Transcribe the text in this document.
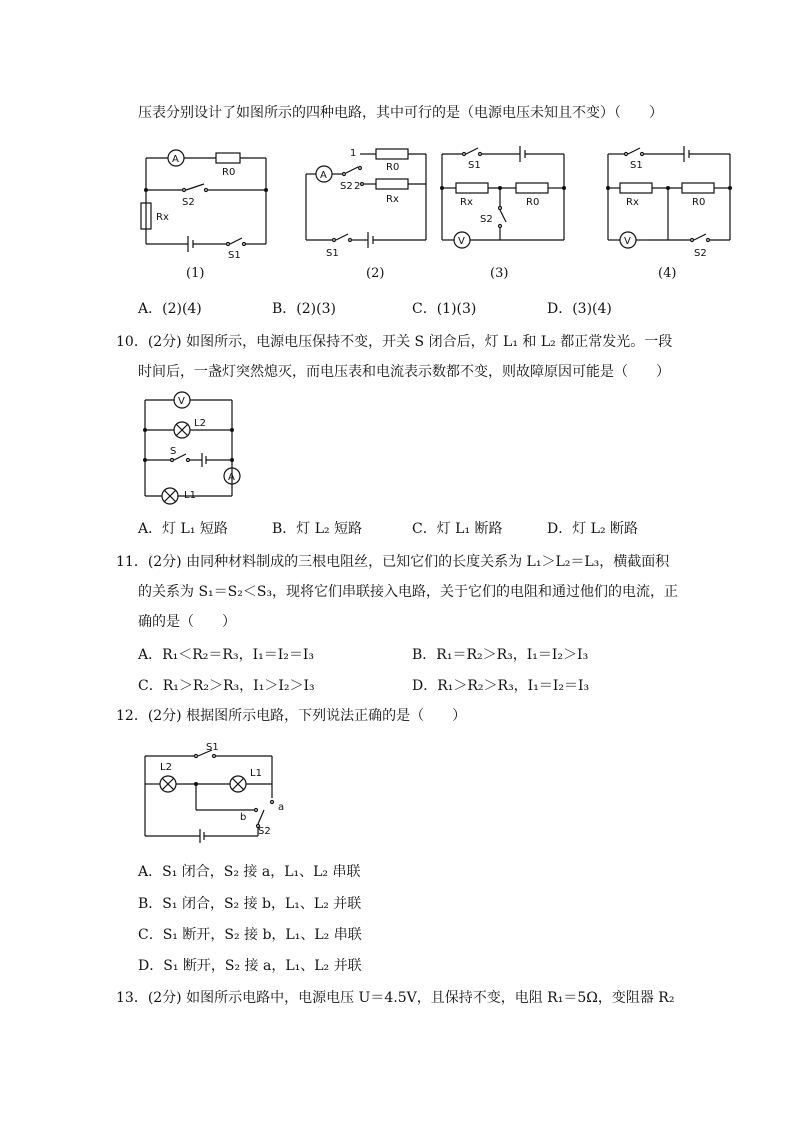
压表分别设计了如图所示的四种电路，其中可行的是（电源电压未知且不变）（　　）
A
R0
S2
Rx
S1
(1)
1
R0
A
S2 2
Rx
S1
(2)
S1
Rx	R0
S2
V
(3)
S1
Rx	R0
V
S2
(4)
A．(2)(4)	B．(2)(3)	C．(1)(3)	D．(3)(4)
10．(2分) 如图所示，电源电压保持不变，开关 S 闭合后，灯 L₁ 和 L₂ 都正常发光。一段
时间后，一盏灯突然熄灭，而电压表和电流表示数都不变，则故障原因可能是（　　）
V
L2
S
A
L1
A．灯 L₁ 短路	B．灯 L₂ 短路	C．灯 L₁ 断路	D．灯 L₂ 断路
11．(2分) 由同种材料制成的三根电阻丝，已知它们的长度关系为 L₁＞L₂＝L₃，横截面积
的关系为 S₁＝S₂＜S₃，现将它们串联接入电路，关于它们的电阻和通过他们的电流，正
确的是（　　）
A．R₁＜R₂＝R₃，I₁＝I₂＝I₃	B．R₁＝R₂＞R₃，I₁＝I₂＞I₃
C．R₁＞R₂＞R₃，I₁＞I₂＞I₃	D．R₁＞R₂＞R₃，I₁＝I₂＝I₃
12．(2分) 根据图所示电路，下列说法正确的是（　　）
S1
L2
L1
a
b
S2
A．S₁ 闭合，S₂ 接 a，L₁、L₂ 串联
B．S₁ 闭合，S₂ 接 b，L₁、L₂ 并联
C．S₁ 断开，S₂ 接 b，L₁、L₂ 串联
D．S₁ 断开，S₂ 接 a，L₁、L₂ 并联
13．(2分) 如图所示电路中，电源电压 U＝4.5V，且保持不变，电阻 R₁＝5Ω，变阻器 R₂
